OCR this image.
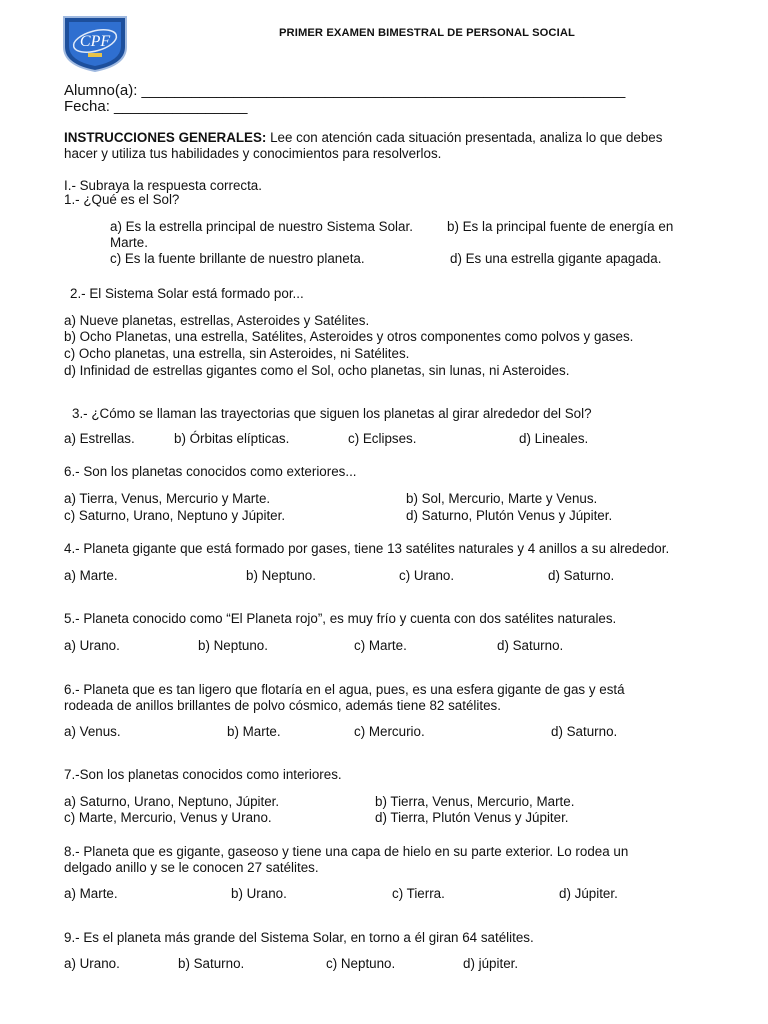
CPF	PRIMER EXAMEN BIMESTRAL DE PERSONAL SOCIAL
Alumno(a): __________________________________________________________
Fecha: ________________
INSTRUCCIONES GENERALES: Lee con atención cada situación presentada, analiza lo que debes
hacer y utiliza tus habilidades y conocimientos para resolverlos.
I.- Subraya la respuesta correcta.
1.- ¿Qué es el Sol?
a) Es la estrella principal de nuestro Sistema Solar.	b) Es la principal fuente de energía en
Marte.
c) Es la fuente brillante de nuestro planeta.	d) Es una estrella gigante apagada.
2.- El Sistema Solar está formado por...
a) Nueve planetas, estrellas, Asteroides y Satélites.
b) Ocho Planetas, una estrella, Satélites, Asteroides y otros componentes como polvos y gases.
c) Ocho planetas, una estrella, sin Asteroides, ni Satélites.
d) Infinidad de estrellas gigantes como el Sol, ocho planetas, sin lunas, ni Asteroides.
3.- ¿Cómo se llaman las trayectorias que siguen los planetas al girar alrededor del Sol?
a) Estrellas.	b) Órbitas elípticas.	c) Eclipses.	d) Lineales.
6.- Son los planetas conocidos como exteriores...
a) Tierra, Venus, Mercurio y Marte.	b) Sol, Mercurio, Marte y Venus.
c) Saturno, Urano, Neptuno y Júpiter.	d) Saturno, Plutón Venus y Júpiter.
4.- Planeta gigante que está formado por gases, tiene 13 satélites naturales y 4 anillos a su alrededor.
a) Marte.	b) Neptuno.	c) Urano.	d) Saturno.
5.- Planeta conocido como “El Planeta rojo”, es muy frío y cuenta con dos satélites naturales.
a) Urano.	b) Neptuno.	c) Marte.	d) Saturno.
6.- Planeta que es tan ligero que flotaría en el agua, pues, es una esfera gigante de gas y está
rodeada de anillos brillantes de polvo cósmico, además tiene 82 satélites.
a) Venus.	b) Marte.	c) Mercurio.	d) Saturno.
7.-Son los planetas conocidos como interiores.
a) Saturno, Urano, Neptuno, Júpiter.	b) Tierra, Venus, Mercurio, Marte.
c) Marte, Mercurio, Venus y Urano.	d) Tierra, Plutón Venus y Júpiter.
8.- Planeta que es gigante, gaseoso y tiene una capa de hielo en su parte exterior. Lo rodea un
delgado anillo y se le conocen 27 satélites.
a) Marte.	b) Urano.	c) Tierra.	d) Júpiter.
9.- Es el planeta más grande del Sistema Solar, en torno a él giran 64 satélites.
a) Urano.	b) Saturno.	c) Neptuno.	d) júpiter.
